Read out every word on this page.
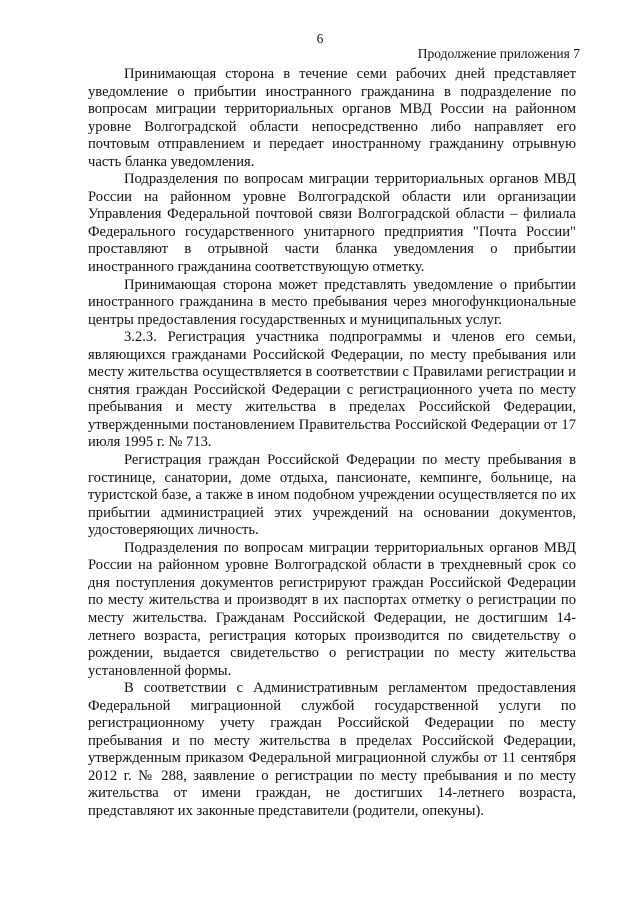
6
Продолжение приложения 7

Принимающая сторона в течение семи рабочих дней представляет уведомление о прибытии иностранного гражданина в подразделение по вопросам миграции территориальных органов МВД России на районном уровне Волгоградской области непосредственно либо направляет его почтовым отправлением и передает иностранному гражданину отрывную часть бланка уведомления.

Подразделения по вопросам миграции территориальных органов МВД России на районном уровне Волгоградской области или организации Управления Федеральной почтовой связи Волгоградской области – филиала Федерального государственного унитарного предприятия "Почта России" проставляют в отрывной части бланка уведомления о прибытии иностранного гражданина соответствующую отметку.

Принимающая сторона может представлять уведомление о прибытии иностранного гражданина в место пребывания через многофункциональные центры предоставления государственных и муниципальных услуг.

3.2.3. Регистрация участника подпрограммы и членов его семьи, являющихся гражданами Российской Федерации, по месту пребывания или месту жительства осуществляется в соответствии с Правилами регистрации и снятия граждан Российской Федерации с регистрационного учета по месту пребывания и месту жительства в пределах Российской Федерации, утвержденными постановлением Правительства Российской Федерации от 17 июля 1995 г. № 713.

Регистрация граждан Российской Федерации по месту пребывания в гостинице, санатории, доме отдыха, пансионате, кемпинге, больнице, на туристской базе, а также в ином подобном учреждении осуществляется по их прибытии администрацией этих учреждений на основании документов, удостоверяющих личность.

Подразделения по вопросам миграции территориальных органов МВД России на районном уровне Волгоградской области в трехдневный срок со дня поступления документов регистрируют граждан Российской Федерации по месту жительства и производят в их паспортах отметку о регистрации по месту жительства. Гражданам Российской Федерации, не достигшим 14-летнего возраста, регистрация которых производится по свидетельству о рождении, выдается свидетельство о регистрации по месту жительства установленной формы.

В соответствии с Административным регламентом предоставления Федеральной миграционной службой государственной услуги по регистрационному учету граждан Российской Федерации по месту пребывания и по месту жительства в пределах Российской Федерации, утвержденным приказом Федеральной миграционной службы от 11 сентября 2012 г. № 288, заявление о регистрации по месту пребывания и по месту жительства от имени граждан, не достигших 14-летнего возраста, представляют их законные представители (родители, опекуны).
